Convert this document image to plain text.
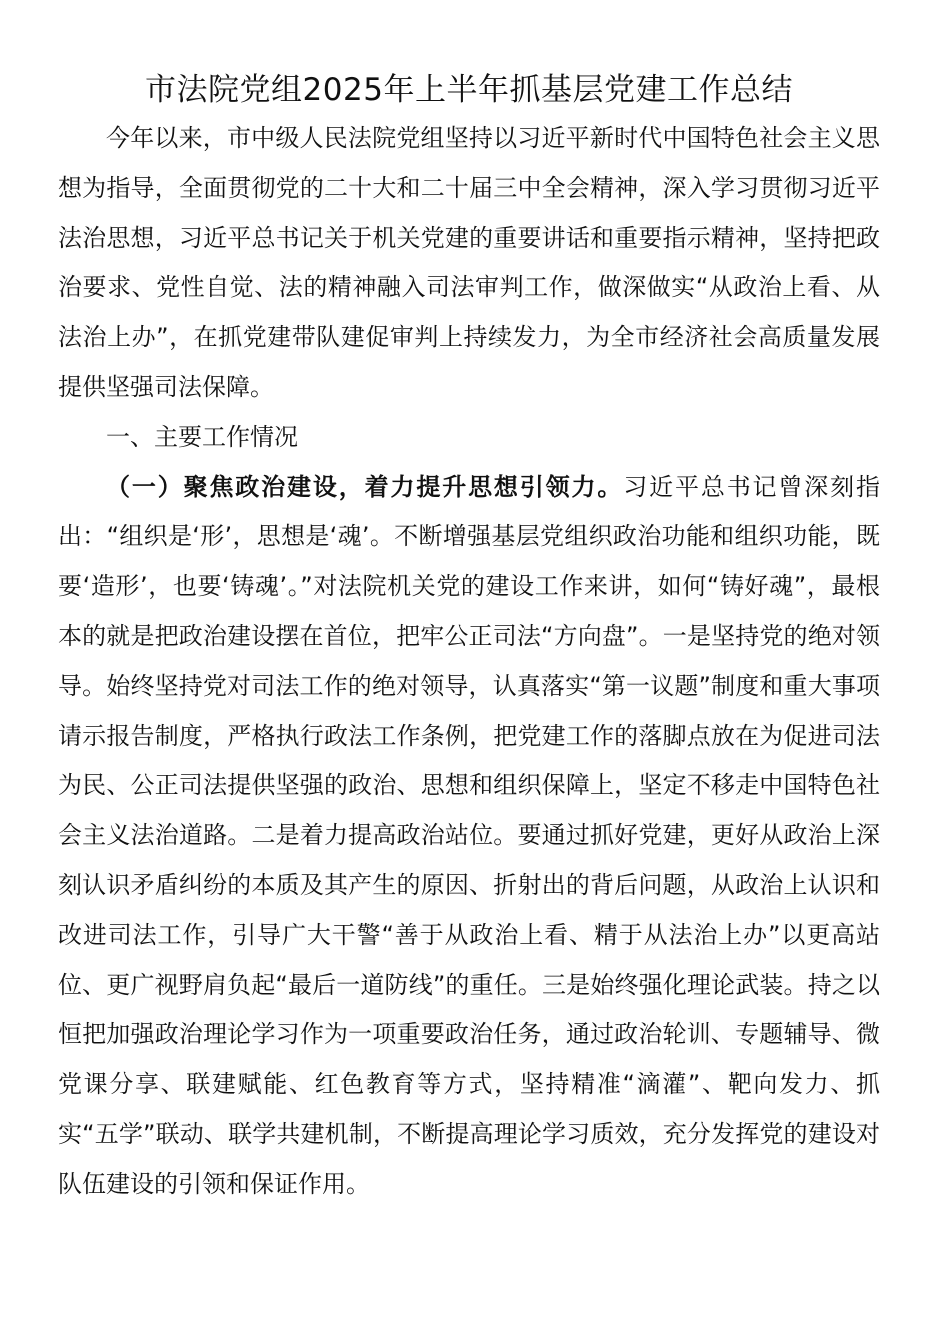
市法院党组2025年上半年抓基层党建工作总结

今年以来，市中级人民法院党组坚持以习近平新时代中国特色社会主义思想为指导，全面贯彻党的二十大和二十届三中全会精神，深入学习贯彻习近平法治思想，习近平总书记关于机关党建的重要讲话和重要指示精神，坚持把政治要求、党性自觉、法的精神融入司法审判工作，做深做实“从政治上看、从法治上办”，在抓党建带队建促审判上持续发力，为全市经济社会高质量发展提供坚强司法保障。

一、主要工作情况

（一）聚焦政治建设，着力提升思想引领力。习近平总书记曾深刻指出：“组织是‘形’，思想是‘魂’。不断增强基层党组织政治功能和组织功能，既要‘造形’，也要‘铸魂’。”对法院机关党的建设工作来讲，如何“铸好魂”，最根本的就是把政治建设摆在首位，把牢公正司法“方向盘”。一是坚持党的绝对领导。始终坚持党对司法工作的绝对领导，认真落实“第一议题”制度和重大事项请示报告制度，严格执行政法工作条例，把党建工作的落脚点放在为促进司法为民、公正司法提供坚强的政治、思想和组织保障上，坚定不移走中国特色社会主义法治道路。二是着力提高政治站位。要通过抓好党建，更好从政治上深刻认识矛盾纠纷的本质及其产生的原因、折射出的背后问题，从政治上认识和改进司法工作，引导广大干警“善于从政治上看、精于从法治上办”以更高站位、更广视野肩负起“最后一道防线”的重任。三是始终强化理论武装。持之以恒把加强政治理论学习作为一项重要政治任务，通过政治轮训、专题辅导、微党课分享、联建赋能、红色教育等方式，坚持精准“滴灌”、靶向发力、抓实“五学”联动、联学共建机制，不断提高理论学习质效，充分发挥党的建设对队伍建设的引领和保证作用。
